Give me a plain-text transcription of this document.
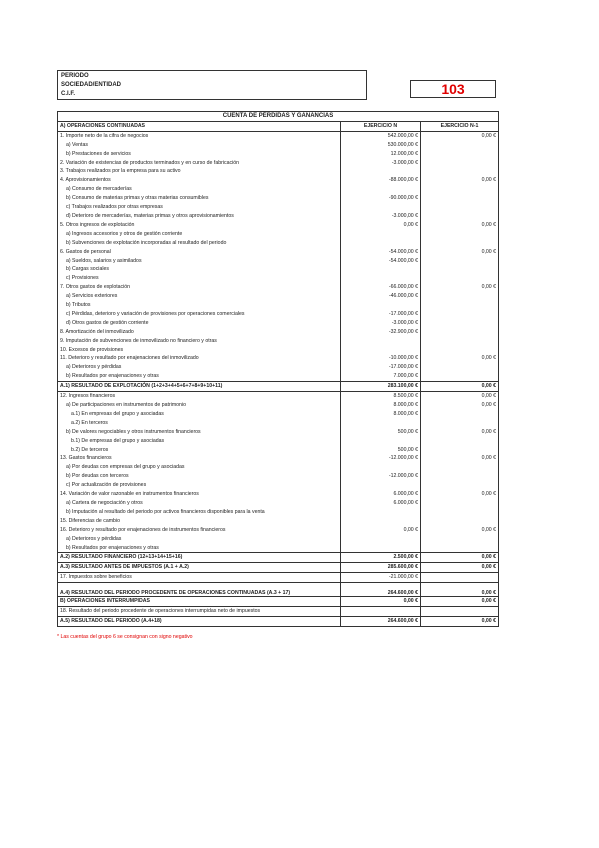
PERIODO
SOCIEDAD/ENTIDAD
C.I.F.	103
CUENTA DE PÉRDIDAS Y GANANCIAS		
A) OPERACIONES CONTINUADAS	EJERCICIO N	EJERCICIO N-1
1. Importe neto de la cifra de negocios	542.000,00 €	0,00 €
a) Ventas	530.000,00 €	
b) Prestaciones de servicios	12.000,00 €	
2. Variación de existencias de productos terminados y en curso de fabricación	-3.000,00 €	
3. Trabajos realizados por la empresa para su activo		
4. Aprovisionamientos	-88.000,00 €	0,00 €
a) Consumo de mercaderías		
b) Consumo de materias primas y otras materias consumibles	-90.000,00 €	
c) Trabajos realizados por otras empresas		
d) Deterioro de mercaderías, materias primas y otros aprovisionamientos	-3.000,00 €	
5. Otros ingresos de explotación	0,00 €	0,00 €
a) Ingresos accesorios y otros de gestión corriente		
b) Subvenciones de explotación incorporadas al resultado del periodo		
6. Gastos de personal	-54.000,00 €	0,00 €
a) Sueldos, salarios y asimilados	-54.000,00 €	
b) Cargas sociales		
c) Provisiones		
7. Otros gastos de explotación	-66.000,00 €	0,00 €
a) Servicios exteriores	-46.000,00 €	
b) Tributos		
c) Pérdidas, deterioro y variación de provisiones por operaciones comerciales	-17.000,00 €	
d) Otros gastos de gestión corriente	-3.000,00 €	
8. Amortización del inmovilizado	-32.900,00 €	
9. Imputación de subvenciones de inmovilizado no financiero y otras		
10. Excesos de provisiones		
11. Deterioro y resultado por enajenaciones del inmovilizado	-10.000,00 €	0,00 €
a) Deterioros y pérdidas	-17.000,00 €	
b) Resultados por enajenaciones y otras	7.000,00 €	
A.1) RESULTADO DE EXPLOTACIÓN (1+2+3+4+5+6+7+8+9+10+11)	283.100,00 €	0,00 €
12. Ingresos financieros	8.500,00 €	0,00 €
a) De participaciones en instrumentos de patrimonio	8.000,00 €	0,00 €
a.1) En empresas del grupo y asociadas	8.000,00 €	
a.2) En terceros		
b) De valores negociables y otros instrumentos financieros	500,00 €	0,00 €
b.1) De empresas del grupo y asociadas		
b.2) De terceros	500,00 €	
13. Gastos financieros	-12.000,00 €	0,00 €
a) Por deudas con empresas del grupo y asociadas		
b) Por deudas con terceros	-12.000,00 €	
c) Por actualización de provisiones		
14. Variación de valor razonable en instrumentos financieros	6.000,00 €	0,00 €
a) Cartera de negociación y otros	6.000,00 €	
b) Imputación al resultado del periodo por activos financieros disponibles para la venta		
15. Diferencias de cambio		
16. Deterioro y resultado por enajenaciones de instrumentos financieros	0,00 €	0,00 €
a) Deterioros y pérdidas		
b) Resultados por enajenaciones y otras		
A.2) RESULTADO FINANCIERO (12+13+14+15+16)	2.500,00 €	0,00 €
A.3) RESULTADO ANTES DE IMPUESTOS (A.1 + A.2)	285.600,00 €	0,00 €
17. Impuestos sobre beneficios	-21.000,00 €	
A.4) RESULTADO DEL PERIODO PROCEDENTE DE OPERACIONES CONTINUADAS (A.3 + 17)	264.600,00 €	0,00 €
B) OPERACIONES INTERRUMPIDAS	0,00 €	0,00 €
18. Resultado del periodo procedente de operaciones interrumpidas neto de impuestos		
A.5) RESULTADO DEL PERIODO (A.4+18)	264.600,00 €	0,00 €
* Las cuentas del grupo 6 se consignan con signo negativo
